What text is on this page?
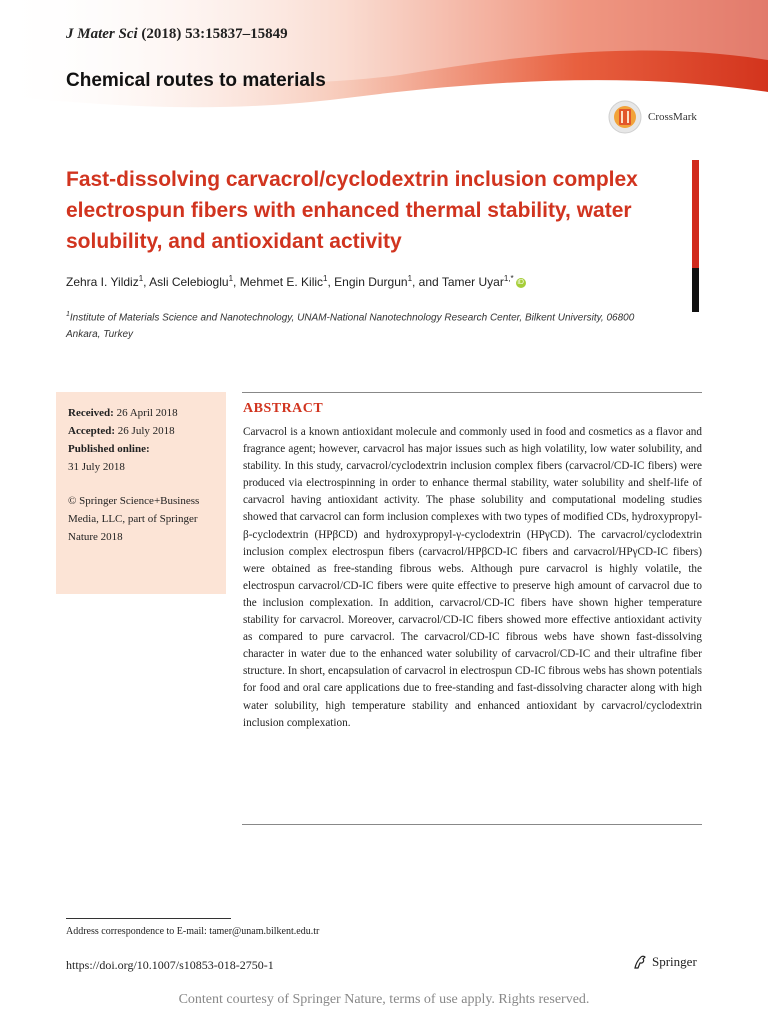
J Mater Sci (2018) 53:15837–15849
Chemical routes to materials
CrossMark
Fast-dissolving carvacrol/cyclodextrin inclusion complex electrospun fibers with enhanced thermal stability, water solubility, and antioxidant activity
Zehra I. Yildiz$^1$, Asli Celebioglu$^1$, Mehmet E. Kilic$^1$, Engin Durgun$^1$, and Tamer Uyar$^{1,*}$ iD
$^1$Institute of Materials Science and Nanotechnology, UNAM-National Nanotechnology Research Center, Bilkent University, 06800 Ankara, Turkey
Received: 26 April 2018
Accepted: 26 July 2018
Published online:
31 July 2018
© Springer Science+Business Media, LLC, part of Springer Nature 2018
ABSTRACT

Carvacrol is a known antioxidant molecule and commonly used in food and cosmetics as a flavor and fragrance agent; however, carvacrol has major issues such as high volatility, low water solubility, and stability. In this study, carvacrol/cyclodextrin inclusion complex fibers (carvacrol/CD-IC fibers) were produced via electrospinning in order to enhance thermal stability, water solubility and shelf-life of carvacrol having antioxidant activity. The phase solubility and computational modeling studies showed that carvacrol can form inclusion complexes with two types of modified CDs, hydroxypropyl-β-cyclodextrin (HPβCD) and hydroxypropyl-γ-cyclodextrin (HPγCD). The carvacrol/cyclodextrin inclusion complex electrospun fibers (carvacrol/HPβCD-IC fibers and carvacrol/HPγCD-IC fibers) were obtained as free-standing fibrous webs. Although pure carvacrol is highly volatile, the electrospun carvacrol/CD-IC fibers were quite effective to preserve high amount of carvacrol due to the inclusion complexation. In addition, carvacrol/CD-IC fibers have shown higher temperature stability for carvacrol. Moreover, carvacrol/CD-IC fibers showed more effective antioxidant activity as compared to pure carvacrol. The carvacrol/CD-IC fibrous webs have shown fast-dissolving character in water due to the enhanced water solubility of carvacrol/CD-IC and their ultrafine fiber structure. In short, encapsulation of carvacrol in electrospun CD-IC fibrous webs has shown potentials for food and oral care applications due to free-standing and fast-dissolving character along with high water solubility, high temperature stability and enhanced antioxidant by carvacrol/cyclodextrin inclusion complexation.

Address correspondence to E-mail: tamer@unam.bilkent.edu.tr
https://doi.org/10.1007/s10853-018-2750-1	Springer
Content courtesy of Springer Nature, terms of use apply. Rights reserved.
